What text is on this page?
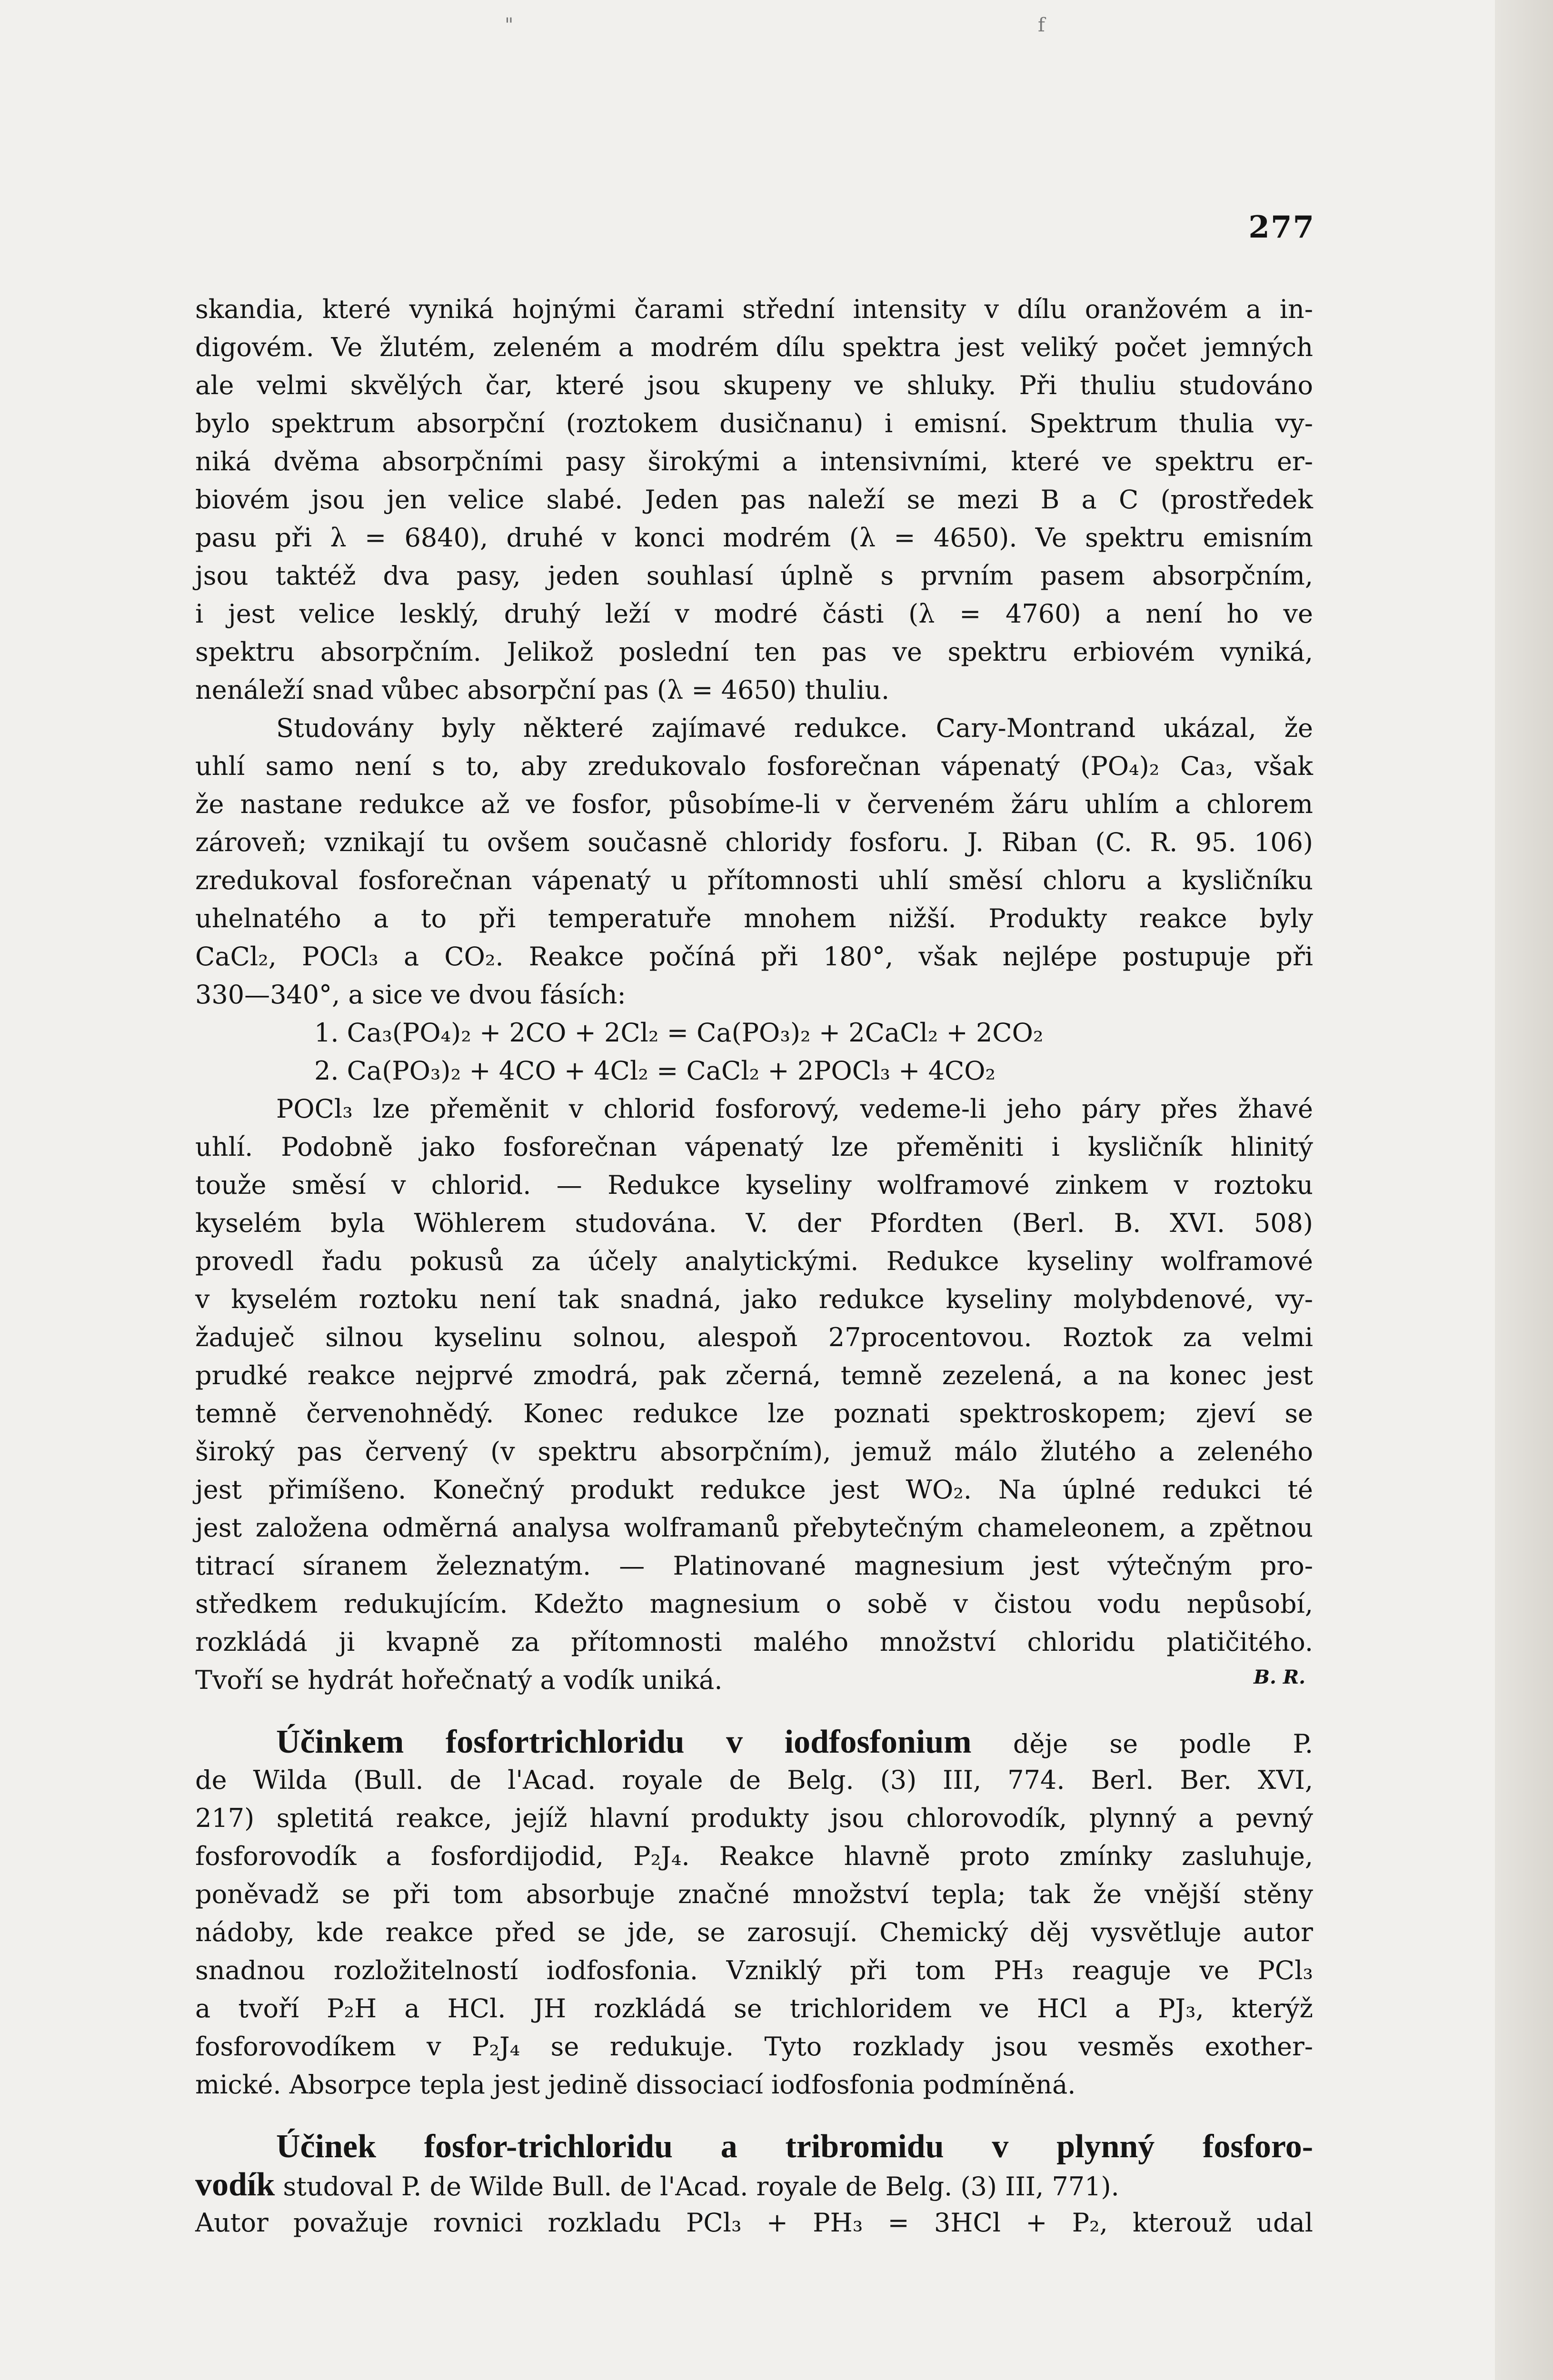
"	f
277
skandia, které vyniká hojnými čarami střední intensity v dílu oranžovém a in-
digovém. Ve žlutém, zeleném a modrém dílu spektra jest veliký počet jemných
ale velmi skvělých čar, které jsou skupeny ve shluky. Při thuliu studováno
bylo spektrum absorpční (roztokem dusičnanu) i emisní. Spektrum thulia vy-
niká dvěma absorpčními pasy širokými a intensivními, které ve spektru er-
biovém jsou jen velice slabé. Jeden pas naleží se mezi B a C (prostředek
pasu při λ = 6840), druhé v konci modrém (λ = 4650). Ve spektru emisním
jsou taktéž dva pasy, jeden souhlasí úplně s prvním pasem absorpčním,
i jest velice lesklý, druhý leží v modré části (λ = 4760) a není ho ve
spektru absorpčním. Jelikož poslední ten pas ve spektru erbiovém vyniká,
nenáleží snad vůbec absorpční pas (λ = 4650) thuliu.
Studovány byly některé zajímavé redukce. Cary-Montrand ukázal, že
uhlí samo není s to, aby zredukovalo fosforečnan vápenatý (PO₄)₂ Ca₃, však
že nastane redukce až ve fosfor, působíme-li v červeném žáru uhlím a chlorem
zároveň; vznikají tu ovšem současně chloridy fosforu. J. Riban (C. R. 95. 106)
zredukoval fosforečnan vápenatý u přítomnosti uhlí směsí chloru a kysličníku
uhelnatého a to při temperatuře mnohem nižší. Produkty reakce byly
CaCl₂, POCl₃ a CO₂. Reakce počíná při 180°, však nejlépe postupuje při
330—340°, a sice ve dvou fásích:
1. Ca₃(PO₄)₂ + 2CO + 2Cl₂ = Ca(PO₃)₂ + 2CaCl₂ + 2CO₂
2. Ca(PO₃)₂ + 4CO + 4Cl₂ = CaCl₂ + 2POCl₃ + 4CO₂
POCl₃ lze přeměnit v chlorid fosforový, vedeme-li jeho páry přes žhavé
uhlí. Podobně jako fosforečnan vápenatý lze přeměniti i kysličník hlinitý
touže směsí v chlorid. — Redukce kyseliny wolframové zinkem v roztoku
kyselém byla Wöhlerem studována. V. der Pfordten (Berl. B. XVI. 508)
provedl řadu pokusů za účely analytickými. Redukce kyseliny wolframové
v kyselém roztoku není tak snadná, jako redukce kyseliny molybdenové, vy-
žaduječ silnou kyselinu solnou, alespoň 27procentovou. Roztok za velmi
prudké reakce nejprvé zmodrá, pak zčerná, temně zezelená, a na konec jest
temně červenohnědý. Konec redukce lze poznati spektroskopem; zjeví se
široký pas červený (v spektru absorpčním), jemuž málo žlutého a zeleného
jest přimíšeno. Konečný produkt redukce jest WO₂. Na úplné redukci té
jest založena odměrná analysa wolframanů přebytečným chameleonem, a zpětnou
titrací síranem železnatým. — Platinované magnesium jest výtečným pro-
středkem redukujícím. Kdežto magnesium o sobě v čistou vodu nepůsobí,
rozkládá ji kvapně za přítomnosti malého množství chloridu platičitého.
Tvoří se hydrát hořečnatý a vodík uniká.	B. R.
Účinkem fosfortrichloridu v iodfosfonium děje se podle P.
de Wilda (Bull. de l'Acad. royale de Belg. (3) III, 774. Berl. Ber. XVI,
217) spletitá reakce, jejíž hlavní produkty jsou chlorovodík, plynný a pevný
fosforovodík a fosfordijodid, P₂J₄. Reakce hlavně proto zmínky zasluhuje,
poněvadž se při tom absorbuje značné množství tepla; tak že vnější stěny
nádoby, kde reakce před se jde, se zarosují. Chemický děj vysvětluje autor
snadnou rozložitelností iodfosfonia. Vzniklý při tom PH₃ reaguje ve PCl₃
a tvoří P₂H a HCl. JH rozkládá se trichloridem ve HCl a PJ₃, kterýž
fosforovodíkem v P₂J₄ se redukuje. Tyto rozklady jsou vesměs exother-
mické. Absorpce tepla jest jedině dissociací iodfosfonia podmíněná.
Účinek fosfor-trichloridu a tribromidu v plynný fosforo-
vodík studoval P. de Wilde Bull. de l'Acad. royale de Belg. (3) III, 771).
Autor považuje rovnici rozkladu PCl₃ + PH₃ = 3HCl + P₂, kterouž udal
